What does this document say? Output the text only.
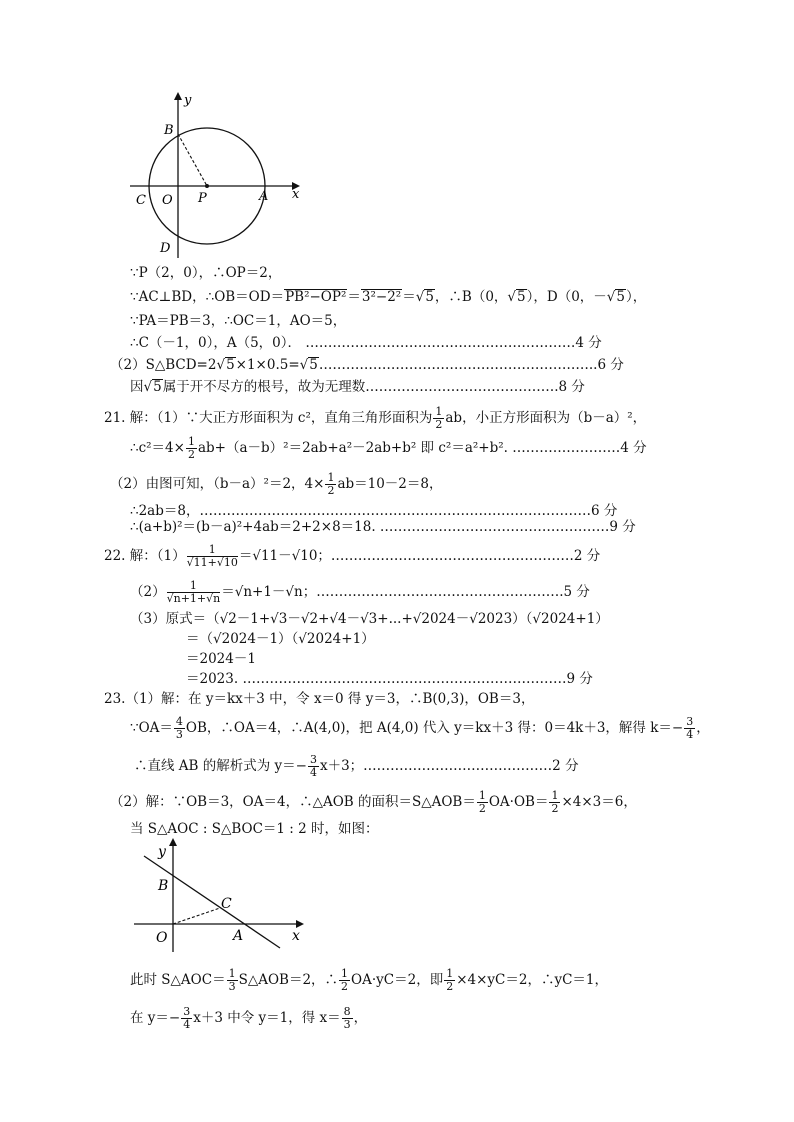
y
x
B
O P	A
C
D
∵P（2，0），∴OP＝2，
∵AC⊥BD，∴OB＝OD＝PB²−OP²＝3²−2²＝√5，∴B（0，√5），D（0，－√5），
∵PA＝PB＝3，∴OC＝1，AO＝5，
∴C（－1，0），A（5，0）． ……………………………………………………4 分
（2）S△BCD=2√5×1×0.5=√5……………………………………………………..6 分
因√5属于开不尽方的根号，故为无理数…………………………………….8 分
21. 解：（1）∵大正方形面积为 c²，直角三角形面积为 $\frac{1}{2}$ ab，小正方形面积为（b－a）²，
∴c²＝4× $\frac{1}{2} ab+(a-b)^2=2ab+a^2-2ab+b^2$ 即 c²＝a²+b². ……………………4 分
（2）由图可知，（b－a）²＝2，$4\times \frac{1}{2} ab=10-2=8$，
∴2ab＝8，……………………………………………………………………………6 分
∴(a+b)²＝(b－a)²+4ab＝2+2×8＝18. ……………………………………………9 分
22. 解：$(1) \frac{1}{√11+√10} =√11-√10$；………………………………………………2 分
$(2) \frac{1}{√n+1+√n} =√n+1-√n$；……………………………………………….5 分
（3）原式＝（√2－1+√3－√2+√4－√3+...+√2024－√2023）（√2024+1）
＝（√2024－1）（√2024+1）
＝2024－1
＝2023. ………………………………………………………………9 分
23.（1）解：在 y＝kx＋3 中，令 x＝0 得 y＝3，∴B(0,3)，OB＝3，
∵OA＝ $\frac{4}{3}$ OB，∴OA＝4，∴A(4,0)，把 A(4,0) 代入 y＝kx＋3 得：0＝4k＋3，解得 $k=- \frac{3}{4}$ ，
∴直线 AB 的解析式为 $y=- \frac{3}{4} x+3$；……………………………………2 分
（2）解：∵OB＝3，OA＝4，∴△AOB 的面积＝S△AOB＝ $\frac{1}{2} OA\cdot OB= \frac{1}{2} \times 4\times 3=6$，
当 S△AOC : S△BOC＝1 : 2 时，如图：
y
x
B
C
O	A
此时 S△AOC＝ $\frac{1}{3}$ S△AOB＝2，∴ $\frac{1}{2} OA\cdot yC=2$，即 $\frac{1}{2} \times 4\times yC=2$，∴yC＝1，
在 $y=- \frac{3}{4} x+3$ 中令 y＝1，得 $x= \frac{8}{3}$ ，
